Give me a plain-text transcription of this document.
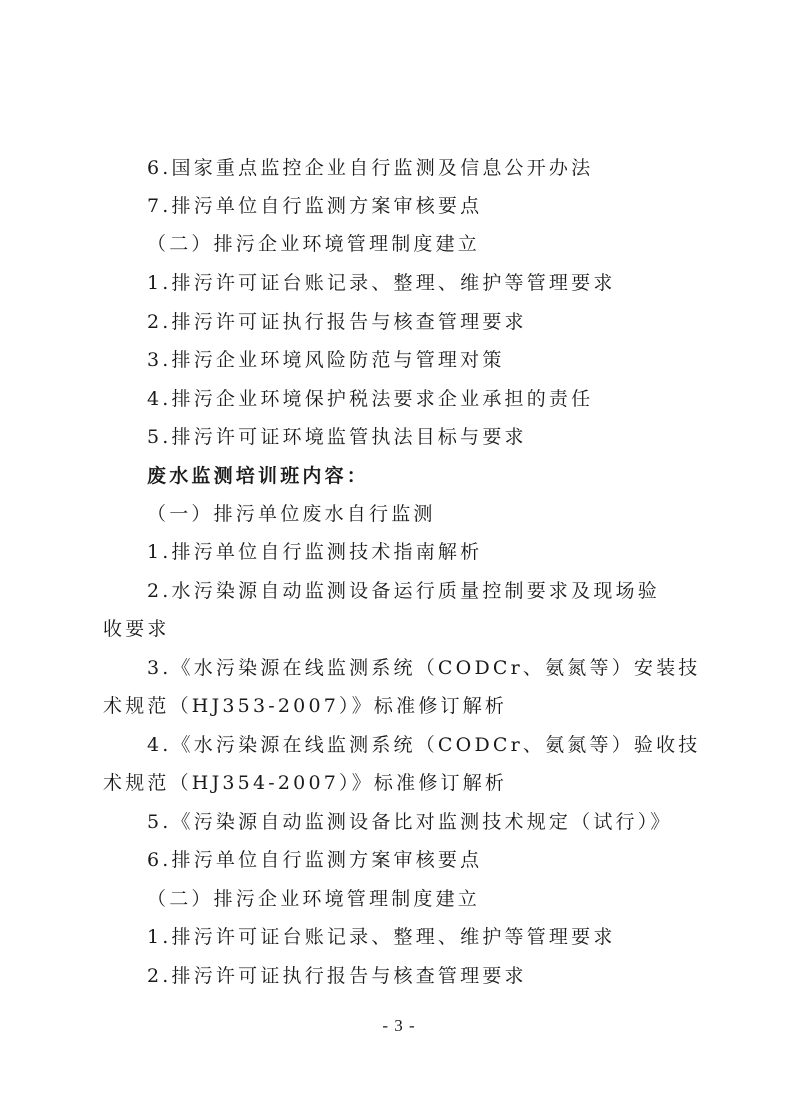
6.国家重点监控企业自行监测及信息公开办法
7.排污单位自行监测方案审核要点
（二）排污企业环境管理制度建立
1.排污许可证台账记录、整理、维护等管理要求
2.排污许可证执行报告与核查管理要求
3.排污企业环境风险防范与管理对策
4.排污企业环境保护税法要求企业承担的责任
5.排污许可证环境监管执法目标与要求
废水监测培训班内容：
（一）排污单位废水自行监测
1.排污单位自行监测技术指南解析
2.水污染源自动监测设备运行质量控制要求及现场验
收要求
3.《水污染源在线监测系统（CODCr、氨氮等）安装技
术规范（HJ353-2007）》标准修订解析
4.《水污染源在线监测系统（CODCr、氨氮等）验收技
术规范（HJ354-2007）》标准修订解析
5.《污染源自动监测设备比对监测技术规定（试行）》
6.排污单位自行监测方案审核要点
（二）排污企业环境管理制度建立
1.排污许可证台账记录、整理、维护等管理要求
2.排污许可证执行报告与核查管理要求
- 3 -
